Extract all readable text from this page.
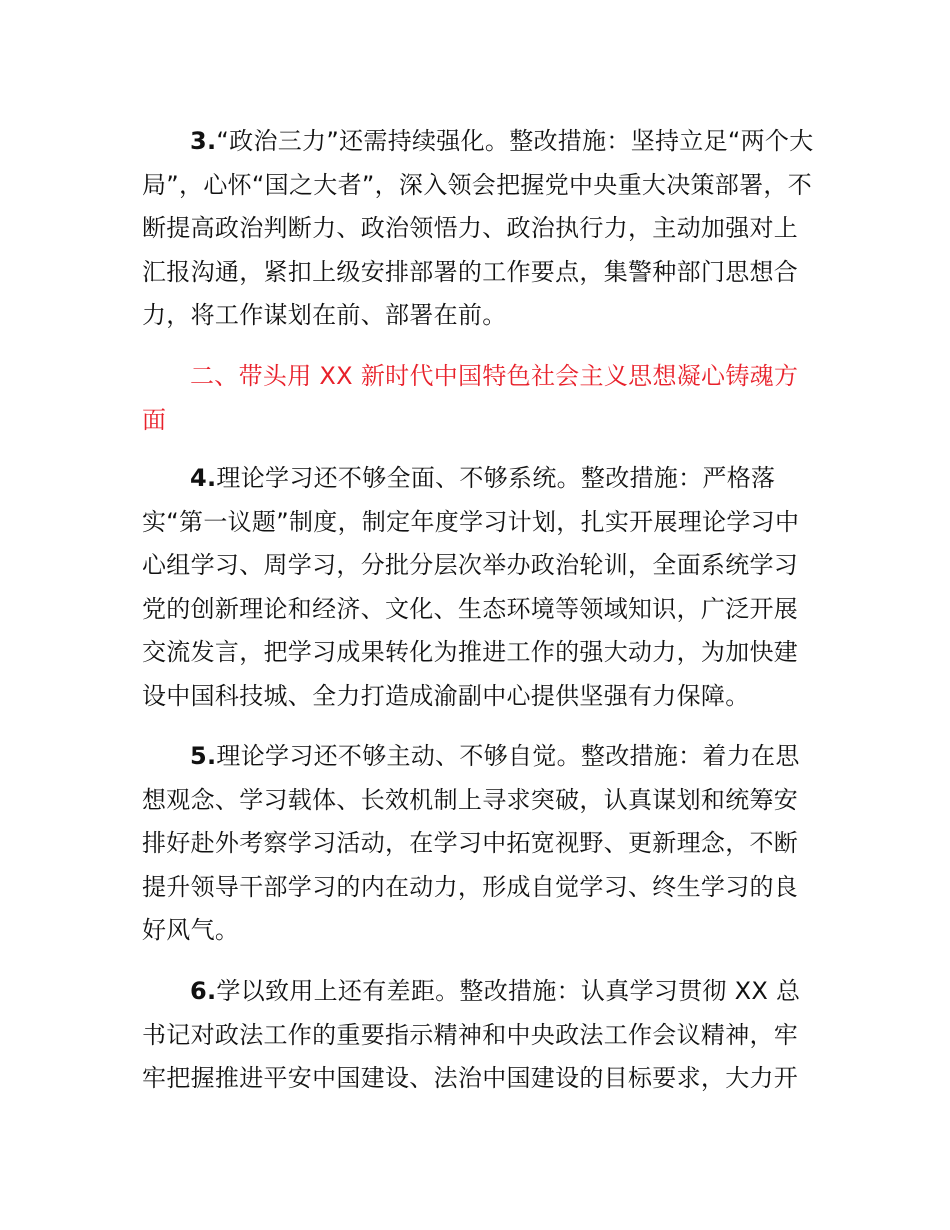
3.“政治三力”还需持续强化。整改措施：坚持立足“两个大局”，心怀“国之大者”，深入领会把握党中央重大决策部署，不断提高政治判断力、政治领悟力、政治执行力，主动加强对上汇报沟通，紧扣上级安排部署的工作要点，集警种部门思想合力，将工作谋划在前、部署在前。

二、带头用 XX 新时代中国特色社会主义思想凝心铸魂方面

4.理论学习还不够全面、不够系统。整改措施：严格落实“第一议题”制度，制定年度学习计划，扎实开展理论学习中心组学习、周学习，分批分层次举办政治轮训，全面系统学习党的创新理论和经济、文化、生态环境等领域知识，广泛开展交流发言，把学习成果转化为推进工作的强大动力，为加快建设中国科技城、全力打造成渝副中心提供坚强有力保障。

5.理论学习还不够主动、不够自觉。整改措施：着力在思想观念、学习载体、长效机制上寻求突破，认真谋划和统筹安排好赴外考察学习活动，在学习中拓宽视野、更新理念，不断提升领导干部学习的内在动力，形成自觉学习、终生学习的良好风气。

6.学以致用上还有差距。整改措施：认真学习贯彻 XX 总书记对政法工作的重要指示精神和中央政法工作会议精神，牢牢把握推进平安中国建设、法治中国建设的目标要求，大力开
